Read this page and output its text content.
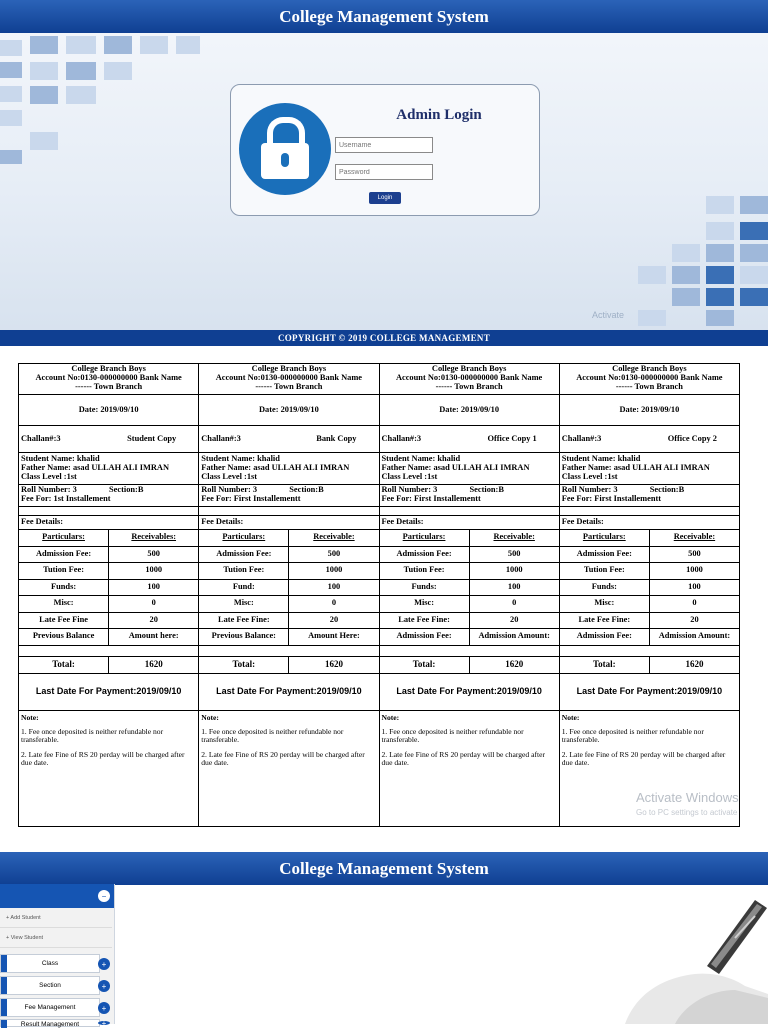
College Management System
Admin Login
Username
Login
Activate
COPYRIGHT © 2019 COLLEGE MANAGEMENT
College Branch Boys
Account No:0130-000000000 Bank Name
------ Town Branch
Date: 2019/09/10
Challan#:3	Student Copy
Student Name: khalid
Father Name: asad ULLAH ALI IMRAN
Class Level :1st
Roll Number: 3	Section:B
Fee For: 1st Installement
Fee Details:
Particulars:	Receivables:
Admission Fee:	500
Tution Fee:	1000
Funds:	100
Misc:	0
Late Fee Fine	20
Previous Balance	Amount here:
Total:	1620
Last Date For Payment:2019/09/10

Note:

1. Fee once deposited is neither refundable nor transferable.

2. Late fee Fine of RS 20 perday will be charged after due date.

College Branch Boys
Account No:0130-000000000 Bank Name
------ Town Branch
Date: 2019/09/10
Challan#:3	Bank Copy
Student Name: khalid
Father Name: asad ULLAH ALI IMRAN
Class Level :1st
Roll Number: 3	Section:B
Fee For: First Installementt
Fee Details:
Particulars:	Receivable:
Admission Fee:	500
Tution Fee:	1000
Fund:	100
Misc:	0
Late Fee Fine:	20
Previous Balance:	Amount Here:
Total:	1620
Last Date For Payment:2019/09/10

Note:

1. Fee once deposited is neither refundable nor transferable.

2. Late fee Fine of RS 20 perday will be charged after due date.

College Branch Boys
Account No:0130-000000000 Bank Name
------ Town Branch
Date: 2019/09/10
Challan#:3	Office Copy 1
Student Name: khalid
Father Name: asad ULLAH ALI IMRAN
Class Level :1st
Roll Number: 3	Section:B
Fee For: First Installementt
Fee Details:
Particulars:	Receivable:
Admission Fee:	500
Tution Fee:	1000
Funds:	100
Misc:	0
Late Fee Fine:	20
Admission Fee:	Admission Amount:
Total:	1620
Last Date For Payment:2019/09/10

Note:

1. Fee once deposited is neither refundable nor transferable.

2. Late fee Fine of RS 20 perday will be charged after due date.

College Branch Boys
Account No:0130-000000000 Bank Name
------ Town Branch
Date: 2019/09/10
Challan#:3	Office Copy 2
Student Name: khalid
Father Name: asad ULLAH ALI IMRAN
Class Level :1st
Roll Number: 3	Section:B
Fee For: First Installementt
Fee Details:
Particulars:	Receivable:
Admission Fee:	500
Tution Fee:	1000
Funds:	100
Misc:	0
Late Fee Fine:	20
Admission Fee:	Admission Amount:
Total:	1620
Last Date For Payment:2019/09/10

Note:

1. Fee once deposited is neither refundable nor transferable.

2. Late fee Fine of RS 20 perday will be charged after due date.

Activate Windows
Go to PC settings to activate
College Management System
−
+ Add Student
+ View Student
Class	+
Section	+
Fee Management	+
Result Management	+
